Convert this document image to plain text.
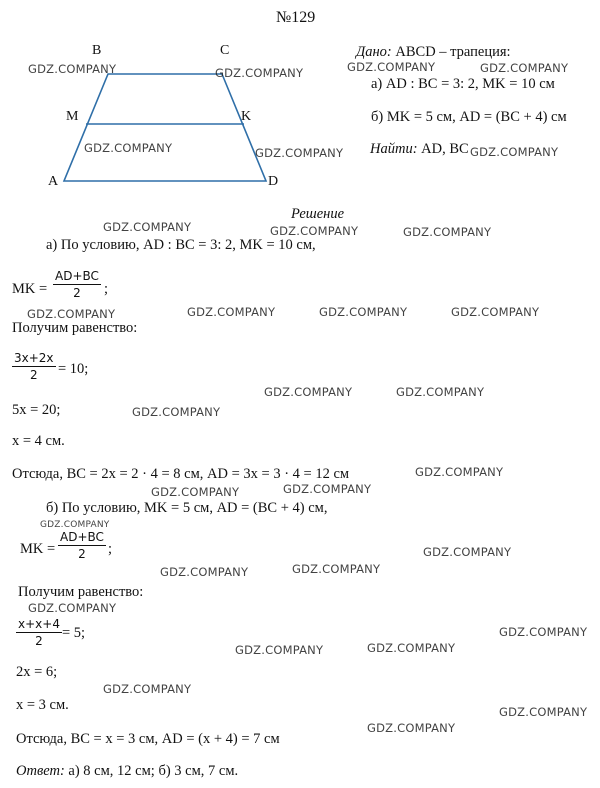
№129
B	C
M	K
A	D
Дано: ABCD – трапеция:
а) AD : BC = 3: 2, MK = 10 см
б) MK = 5 см, AD = (BC + 4) см
Найти: AD, BC
Решение
а) По условию, AD : BC = 3: 2, MK = 10 см,
MK = $\frac{AD+BC}{2}$ ;
Получим равенство:
$\frac{3x+2x}{2} = 10$;
5x = 20;
x = 4 см.
Отсюда, BC = 2x = 2 · 4 = 8 см, AD = 3x = 3 · 4 = 12 см
б) По условию, MK = 5 см, AD = (BC + 4) см,
MK = $\frac{AD+BC}{2}$ ;
Получим равенство:
$\frac{x+x+4}{2} = 5$;
2x = 6;
x = 3 см.
Отсюда, BC = x = 3 см, AD = (x + 4) = 7 см
Ответ: а) 8 см, 12 см; б) 3 см, 7 см.
GDZ.COMPANY	GDZ.COMPANY	GDZ.COMPANY	GDZ.COMPANY
GDZ.COMPANY	GDZ.COMPANY	GDZ.COMPANY
GDZ.COMPANY	GDZ.COMPANY	GDZ.COMPANY
GDZ.COMPANY	GDZ.COMPANY	GDZ.COMPANY	GDZ.COMPANY
GDZ.COMPANY	GDZ.COMPANY
GDZ.COMPANY
GDZ.COMPANY
GDZ.COMPANY	GDZ.COMPANY
GDZ.COMPANY
GDZ.COMPANY
GDZ.COMPANY	GDZ.COMPANY
GDZ.COMPANY
GDZ.COMPANY
GDZ.COMPANY	GDZ.COMPANY
GDZ.COMPANY
GDZ.COMPANY
GDZ.COMPANY
